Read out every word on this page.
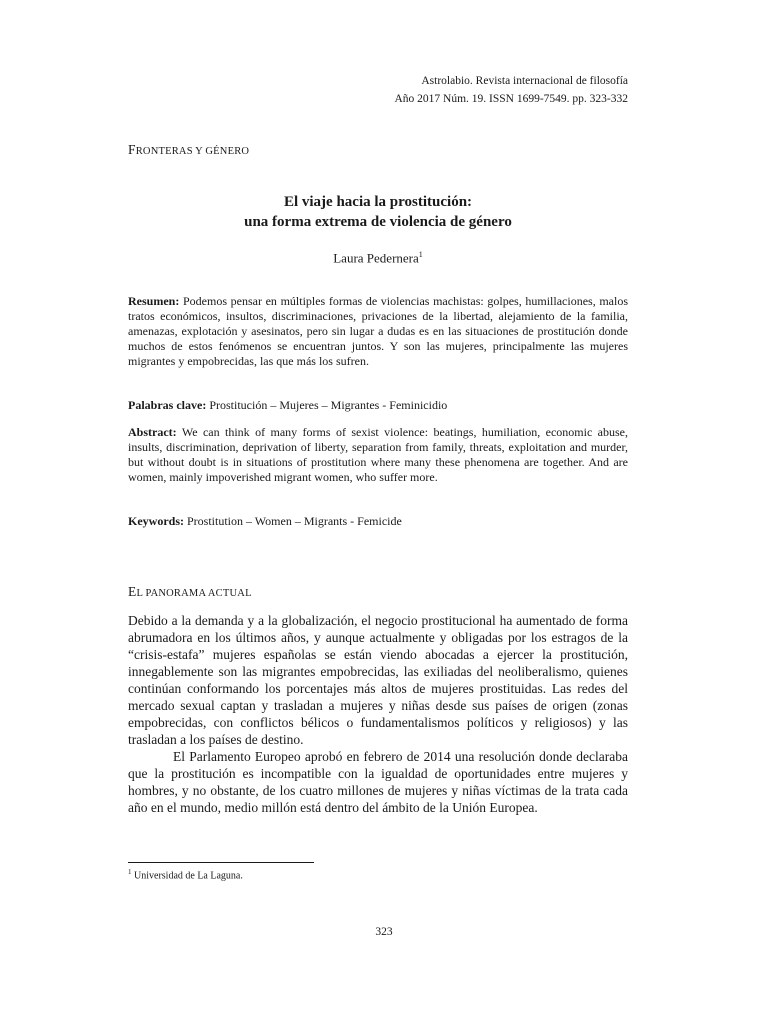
Astrolabio. Revista internacional de filosofía
Año 2017 Núm. 19. ISSN 1699-7549. pp. 323-332
FRONTERAS Y GÉNERO
El viaje hacia la prostitución:
una forma extrema de violencia de género
Laura Pedernera$^1$
Resumen: Podemos pensar en múltiples formas de violencias machistas: golpes, humillaciones, malos tratos económicos, insultos, discriminaciones, privaciones de la libertad, alejamiento de la familia, amenazas, explotación y asesinatos, pero sin lugar a dudas es en las situaciones de prostitución donde muchos de estos fenómenos se encuentran juntos. Y son las mujeres, principalmente las mujeres migrantes y empobrecidas, las que más los sufren.
Palabras clave: Prostitución – Mujeres – Migrantes - Feminicidio
Abstract: We can think of many forms of sexist violence: beatings, humiliation, economic abuse, insults, discrimination, deprivation of liberty, separation from family, threats, exploitation and murder, but without doubt is in situations of prostitution where many these phenomena are together. And are women, mainly impoverished migrant women, who suffer more.
Keywords: Prostitution – Women – Migrants - Femicide
EL PANORAMA ACTUAL

Debido a la demanda y a la globalización, el negocio prostitucional ha aumentado de forma abrumadora en los últimos años, y aunque actualmente y obligadas por los estragos de la “crisis-estafa” mujeres españolas se están viendo abocadas a ejercer la prostitución, innegablemente son las migrantes empobrecidas, las exiliadas del neoliberalismo, quienes continúan conformando los porcentajes más altos de mujeres prostituidas. Las redes del mercado sexual captan y trasladan a mujeres y niñas desde sus países de origen (zonas empobrecidas, con conflictos bélicos o fundamentalismos políticos y religiosos) y las trasladan a los países de destino.

El Parlamento Europeo aprobó en febrero de 2014 una resolución donde declaraba que la prostitución es incompatible con la igualdad de oportunidades entre mujeres y hombres, y no obstante, de los cuatro millones de mujeres y niñas víctimas de la trata cada año en el mundo, medio millón está dentro del ámbito de la Unión Europea.

$^1$ Universidad de La Laguna.
323
